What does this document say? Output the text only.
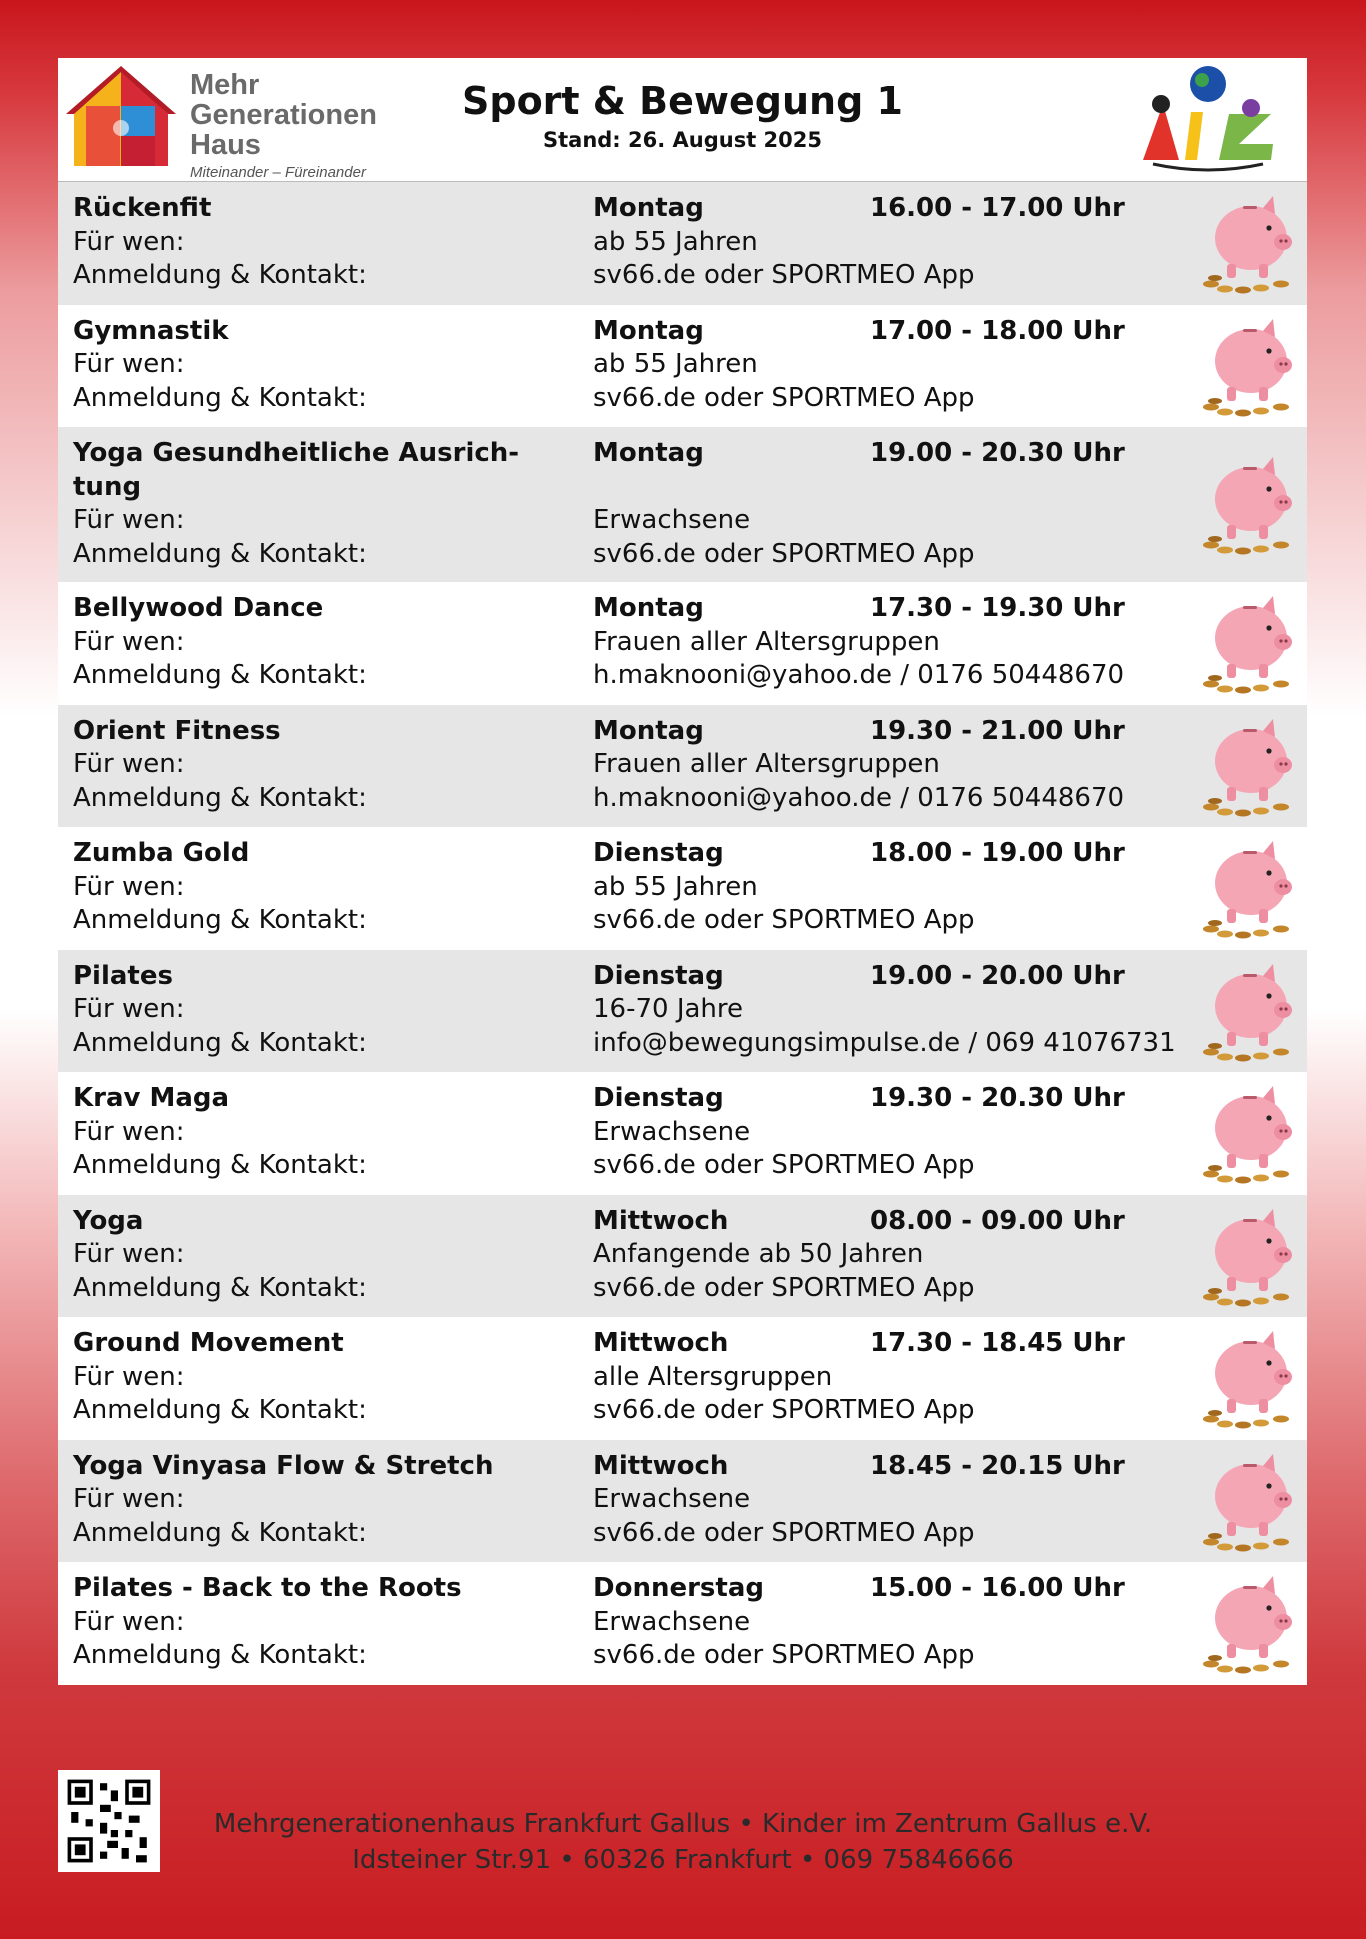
Mehr
Generationen
Haus
Miteinander – Füreinander
Sport & Bewegung 1
Stand: 26. August 2025
Rückenfit
Für wen:
Anmeldung & Kontakt:
Montag
ab 55 Jahren
sv66.de oder SPORTMEO App
16.00 - 17.00 Uhr
Gymnastik
Für wen:
Anmeldung & Kontakt:
Montag
ab 55 Jahren
sv66.de oder SPORTMEO App
17.00 - 18.00 Uhr
Yoga Gesundheitliche Ausrich-
tung
Für wen:
Anmeldung & Kontakt:
Montag

Erwachsene
sv66.de oder SPORTMEO App
19.00 - 20.30 Uhr
Bellywood Dance
Für wen:
Anmeldung & Kontakt:
Montag
Frauen aller Altersgruppen
h.maknooni@yahoo.de / 0176 50448670
17.30 - 19.30 Uhr
Orient Fitness
Für wen:
Anmeldung & Kontakt:
Montag
Frauen aller Altersgruppen
h.maknooni@yahoo.de / 0176 50448670
19.30 - 21.00 Uhr
Zumba Gold
Für wen:
Anmeldung & Kontakt:
Dienstag
ab 55 Jahren
sv66.de oder SPORTMEO App
18.00 - 19.00 Uhr
Pilates
Für wen:
Anmeldung & Kontakt:
Dienstag
16-70 Jahre
info@bewegungsimpulse.de / 069 41076731
19.00 - 20.00 Uhr
Krav Maga
Für wen:
Anmeldung & Kontakt:
Dienstag
Erwachsene
sv66.de oder SPORTMEO App
19.30 - 20.30 Uhr
Yoga
Für wen:
Anmeldung & Kontakt:
Mittwoch
Anfangende ab 50 Jahren
sv66.de oder SPORTMEO App
08.00 - 09.00 Uhr
Ground Movement
Für wen:
Anmeldung & Kontakt:
Mittwoch
alle Altersgruppen
sv66.de oder SPORTMEO App
17.30 - 18.45 Uhr
Yoga Vinyasa Flow & Stretch
Für wen:
Anmeldung & Kontakt:
Mittwoch
Erwachsene
sv66.de oder SPORTMEO App
18.45 - 20.15 Uhr
Pilates - Back to the Roots
Für wen:
Anmeldung & Kontakt:
Donnerstag
Erwachsene
sv66.de oder SPORTMEO App
15.00 - 16.00 Uhr
Mehrgenerationenhaus Frankfurt Gallus • Kinder im Zentrum Gallus e.V.
Idsteiner Str.91 • 60326 Frankfurt • 069 75846666
